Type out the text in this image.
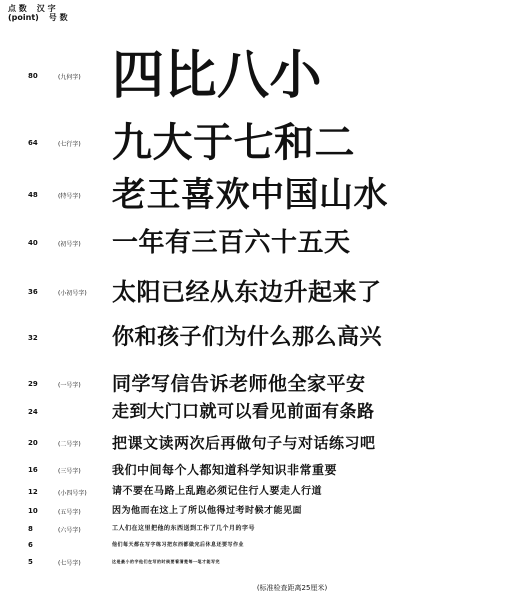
点 数 汉 字
(point) 号 数
80	(九何字) 四比八小
64	(七行字) 九大于七和二
48	(特号字) 老王喜欢中国山水
40	(初号字) 一年有三百六十五天
36	(小初号字) 太阳已经从东边升起来了
32	你和孩子们为什么那么高兴
29	(一号字) 同学写信告诉老师他全家平安
24	走到大门口就可以看见前面有条路
20	(二号字) 把课文读两次后再做句子与对话练习吧
16	(三号字)	我们中间每个人都知道科学知识非常重要
12	(小四号字)	请不要在马路上乱跑必须记住行人要走人行道
10	(五号字)	因为他而在这上了所以他得过考时候才能见面
8	(六号字)	工人们在这里把他的东西送到工作了几个月的字号
6	他们每天都在写字练习把东西都做完后休息还要写作业
5	(七号字)	这是最小的字他们在写的时候要看清楚每一笔才能写完
(标准检查距离25厘米)
